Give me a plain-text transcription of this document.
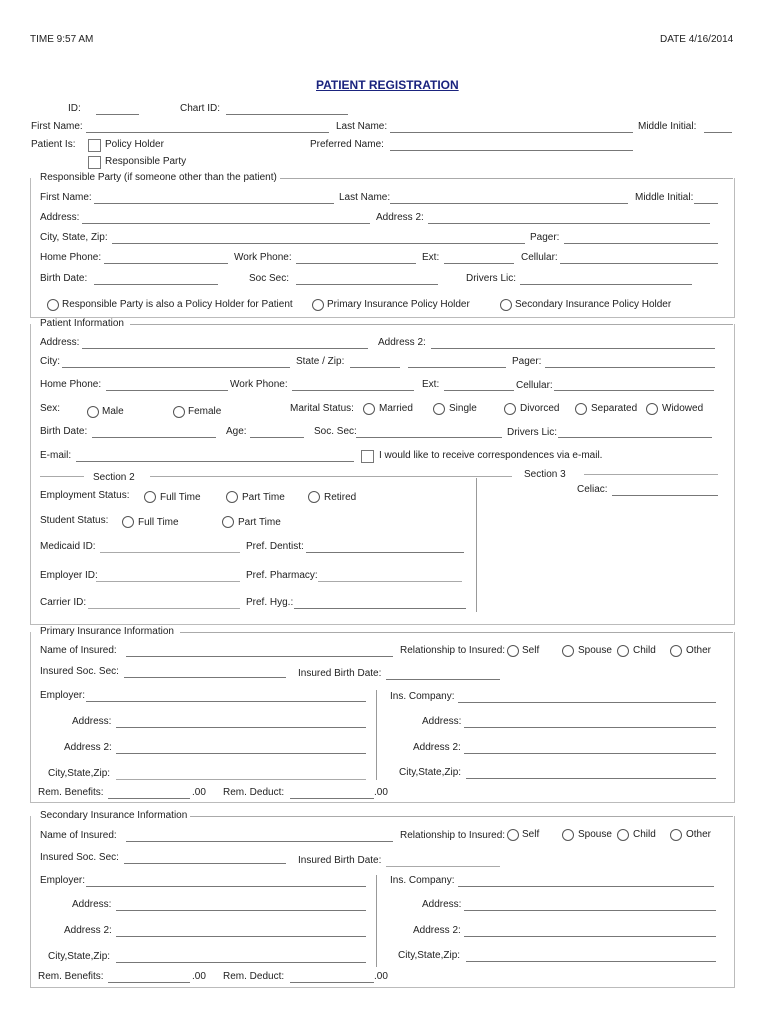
TIME 9:57 AM	DATE 4/16/2014
PATIENT REGISTRATION
ID:	Chart ID:
First Name:	Last Name:	Middle Initial:
Patient Is:	Policy Holder
Responsible Party
Preferred Name:
Responsible Party (if someone other than the patient)
First Name:	Last Name:	Middle Initial:
Address:	Address 2:
City, State, Zip:	Pager:
Home Phone:	Work Phone:	Ext:	Cellular:
Birth Date:	Soc Sec:	Drivers Lic:
Responsible Party is also a Policy Holder for Patient	Primary Insurance Policy Holder	Secondary Insurance Policy Holder
Patient Information
Address:	Address 2:
City:	State / Zip:	Pager:
Home Phone:	Work Phone:	Ext:	Cellular:
Sex:	Male	Female	Marital Status:	Married	Single	Divorced	Separated Widowed
Birth Date:	Age:	Soc. Sec:	Drivers Lic:
E-mail:	I would like to receive correspondences via e-mail.
Section 2	Section 3
Celiac:
Employment Status:	Full Time	Part Time	Retired
Student Status:	Full Time	Part Time
Medicaid ID:	Pref. Dentist:
Employer ID:	Pref. Pharmacy:
Carrier ID:	Pref. Hyg.:
Primary Insurance Information
Name of Insured:	Relationship to Insured: Self	Spouse Child	Other
Insured Soc. Sec:	Insured Birth Date:
Employer:	Ins. Company:
Address:	Address:
Address 2:	Address 2:
City,State,Zip:	City,State,Zip:
Rem. Benefits:	.00 Rem. Deduct:	.00
Secondary Insurance Information
Name of Insured:	Relationship to Insured: Self	Spouse Child	Other
Insured Soc. Sec:	Insured Birth Date:
Employer:	Ins. Company:
Address:	Address:
Address 2:	Address 2:
City,State,Zip:	City,State,Zip:
Rem. Benefits:	.00 Rem. Deduct:	.00
